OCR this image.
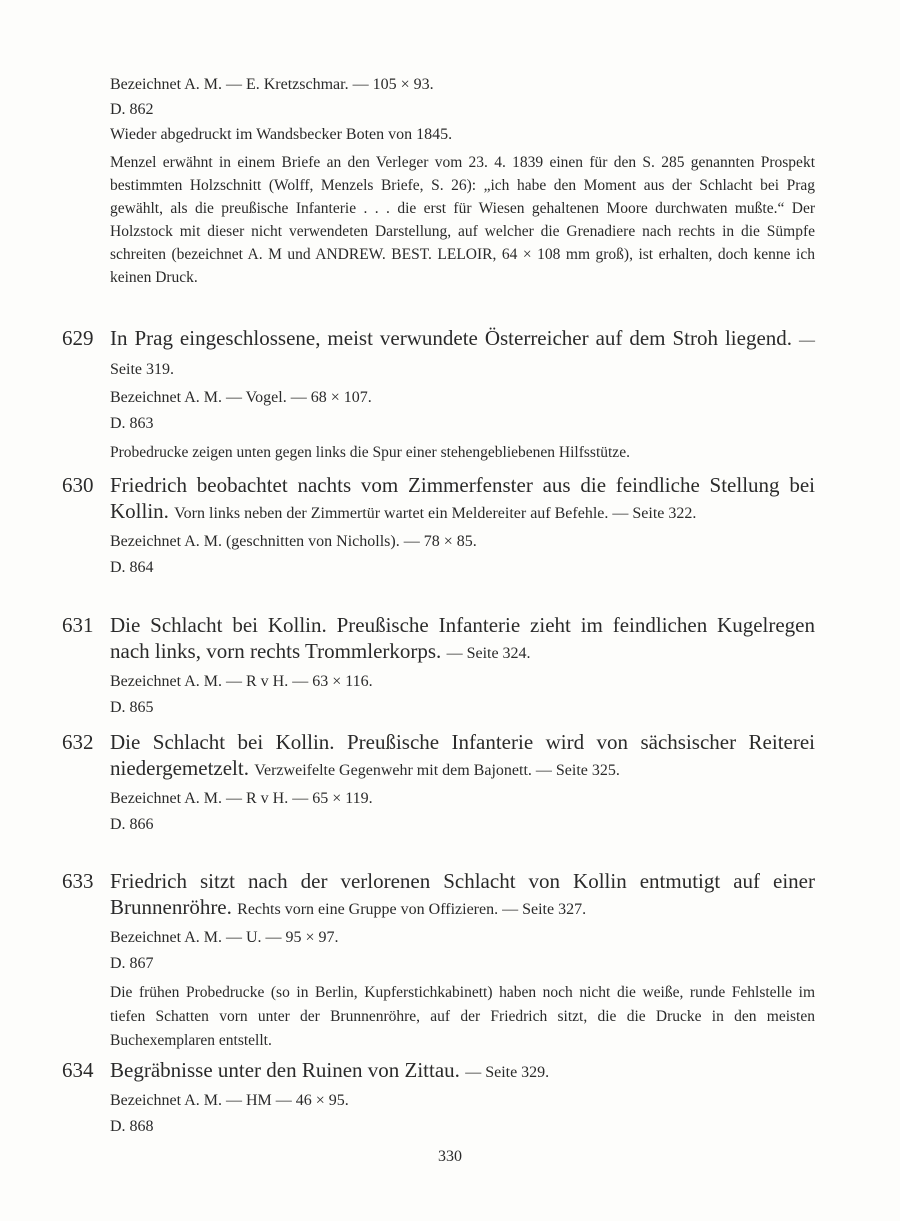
Bezeichnet A. M. — E. Kretzschmar. — 105 × 93.

D. 862

Wieder abgedruckt im Wandsbecker Boten von 1845.

Menzel erwähnt in einem Briefe an den Verleger vom 23. 4. 1839 einen für den S. 285 genannten Prospekt bestimmten Holzschnitt (Wolff, Menzels Briefe, S. 26): „ich habe den Moment aus der Schlacht bei Prag gewählt, als die preußische Infanterie . . . die erst für Wiesen gehaltenen Moore durchwaten mußte.“ Der Holzstock mit dieser nicht verwendeten Darstellung, auf welcher die Grenadiere nach rechts in die Sümpfe schreiten (bezeichnet A. M und ANDREW. BEST. LELOIR, 64 × 108 mm groß), ist erhalten, doch kenne ich keinen Druck.

629 In Prag eingeschlossene, meist verwundete Österreicher auf dem Stroh liegend. — Seite 319.

Bezeichnet A. M. — Vogel. — 68 × 107.

D. 863

Probedrucke zeigen unten gegen links die Spur einer stehengebliebenen Hilfsstütze.

630 Friedrich beobachtet nachts vom Zimmerfenster aus die feindliche Stellung bei Kollin. Vorn links neben der Zimmertür wartet ein Meldereiter auf Befehle. — Seite 322.

Bezeichnet A. M. (geschnitten von Nicholls). — 78 × 85.

D. 864

631 Die Schlacht bei Kollin. Preußische Infanterie zieht im feindlichen Kugelregen nach links, vorn rechts Trommlerkorps. — Seite 324.

Bezeichnet A. M. — R v H. — 63 × 116.

D. 865

632 Die Schlacht bei Kollin. Preußische Infanterie wird von sächsischer Reiterei niedergemetzelt. Verzweifelte Gegenwehr mit dem Bajonett. — Seite 325.

Bezeichnet A. M. — R v H. — 65 × 119.

D. 866

633 Friedrich sitzt nach der verlorenen Schlacht von Kollin entmutigt auf einer Brunnenröhre. Rechts vorn eine Gruppe von Offizieren. — Seite 327.

Bezeichnet A. M. — U. — 95 × 97.

D. 867

Die frühen Probedrucke (so in Berlin, Kupferstichkabinett) haben noch nicht die weiße, runde Fehlstelle im tiefen Schatten vorn unter der Brunnenröhre, auf der Friedrich sitzt, die die Drucke in den meisten Buchexemplaren entstellt.

634 Begräbnisse unter den Ruinen von Zittau. — Seite 329.

Bezeichnet A. M. — HM — 46 × 95.

D. 868

330
